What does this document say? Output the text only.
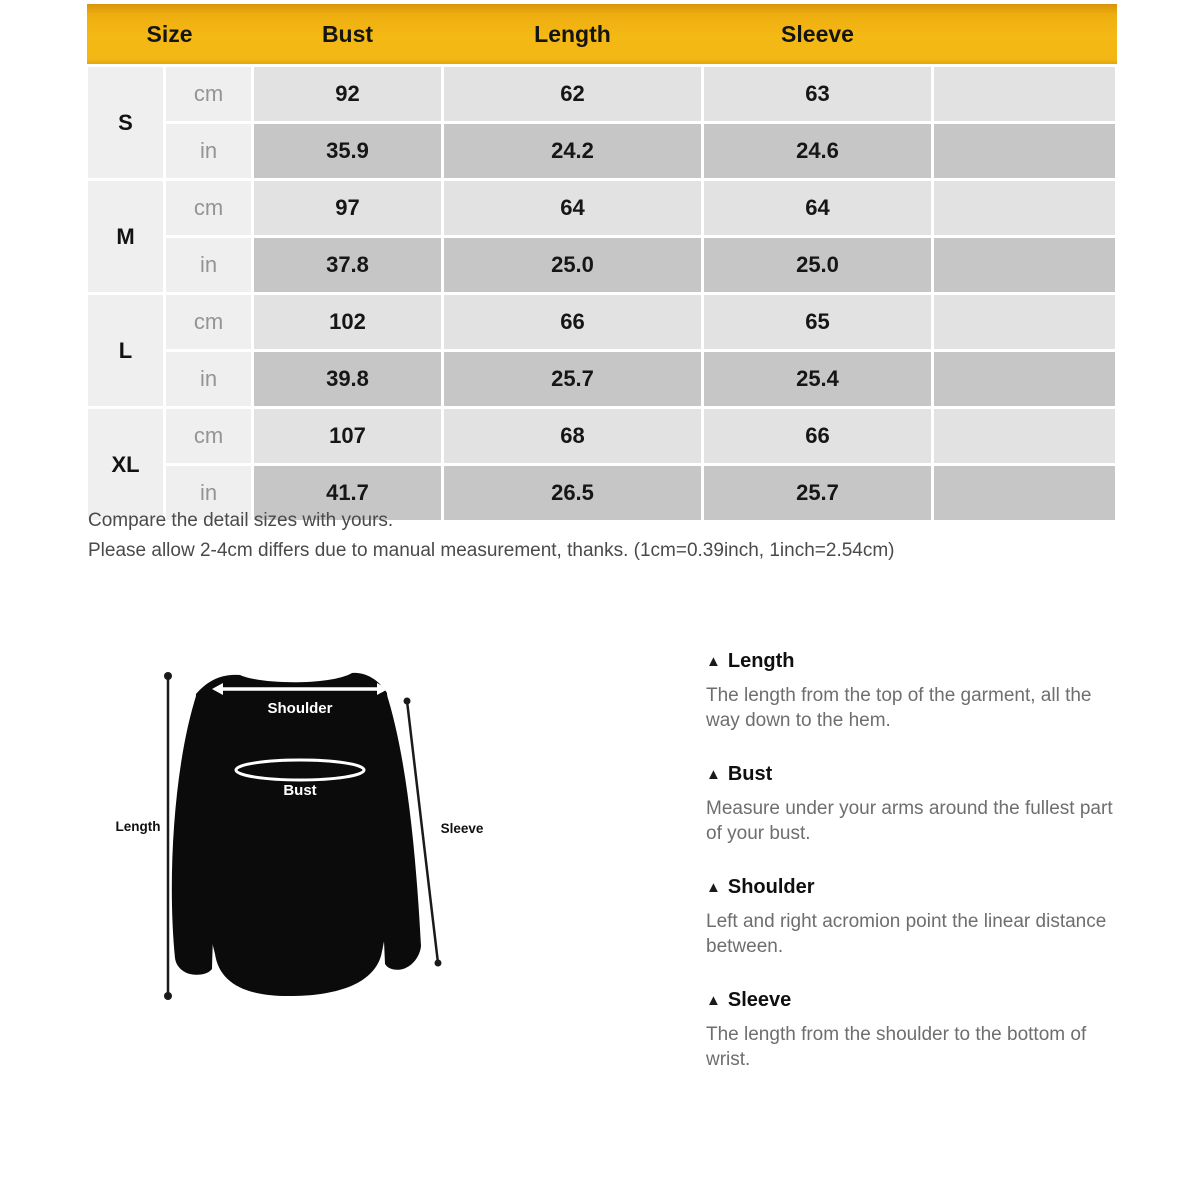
Size		Bust	Length	Sleeve	
S	cm	92	62	63	
	in	35.9	24.2	24.6	
M	cm	97	64	64	
	in	37.8	25.0	25.0	
L	cm	102	66	65	
	in	39.8	25.7	25.4	
XL	cm	107	68	66	
	in	41.7	26.5	25.7	
Compare the detail sizes with yours.
Please allow 2-4cm differs due to manual measurement, thanks. (1cm=0.39inch, 1inch=2.54cm)
Shoulder
Bust
Length	Sleeve
▲ Length

The length from the top of the garment, all the way down to the hem.

▲ Bust

Measure under your arms around the fullest part of your bust.

▲ Shoulder

Left and right acromion point the linear distance between.

▲ Sleeve

The length from the shoulder to the bottom of wrist.
